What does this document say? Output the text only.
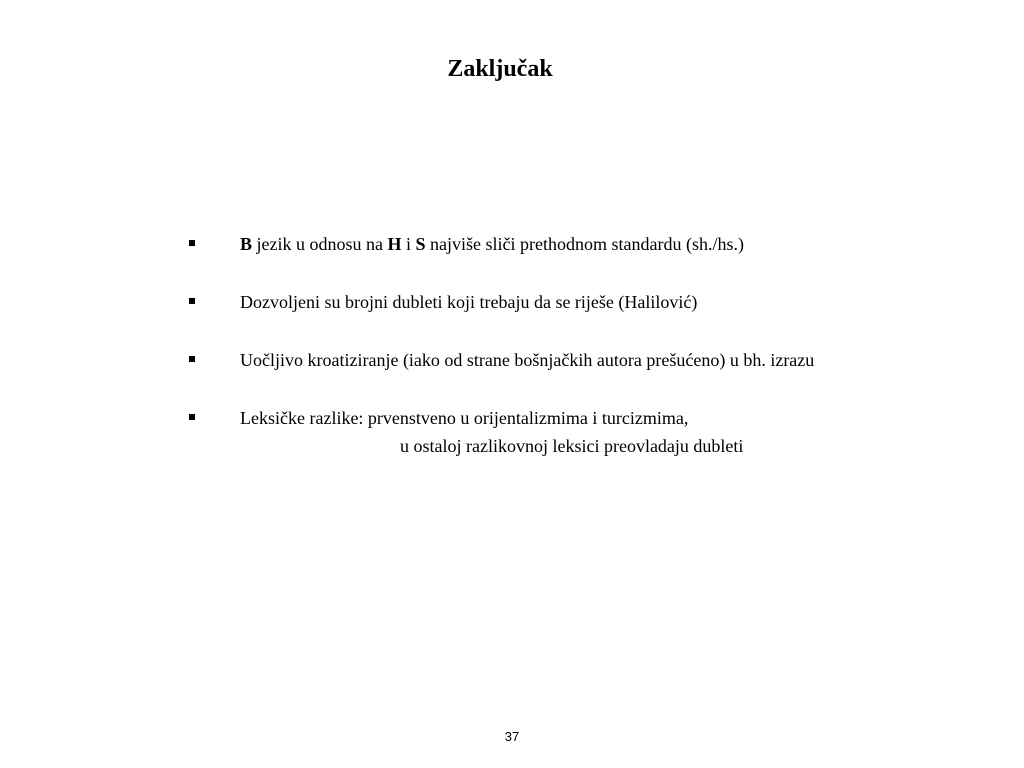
Zaključak
B jezik u odnosu na H i S najviše sliči prethodnom standardu (sh./hs.)
Dozvoljeni su brojni dubleti koji trebaju da se riješe (Halilović)
Uočljivo kroatiziranje (iako od strane bošnjačkih autora prešućeno) u bh. izrazu
Leksičke razlike: prvenstveno u orijentalizmima i turcizmima,
u ostaloj razlikovnoj leksici preovladaju dubleti
37
